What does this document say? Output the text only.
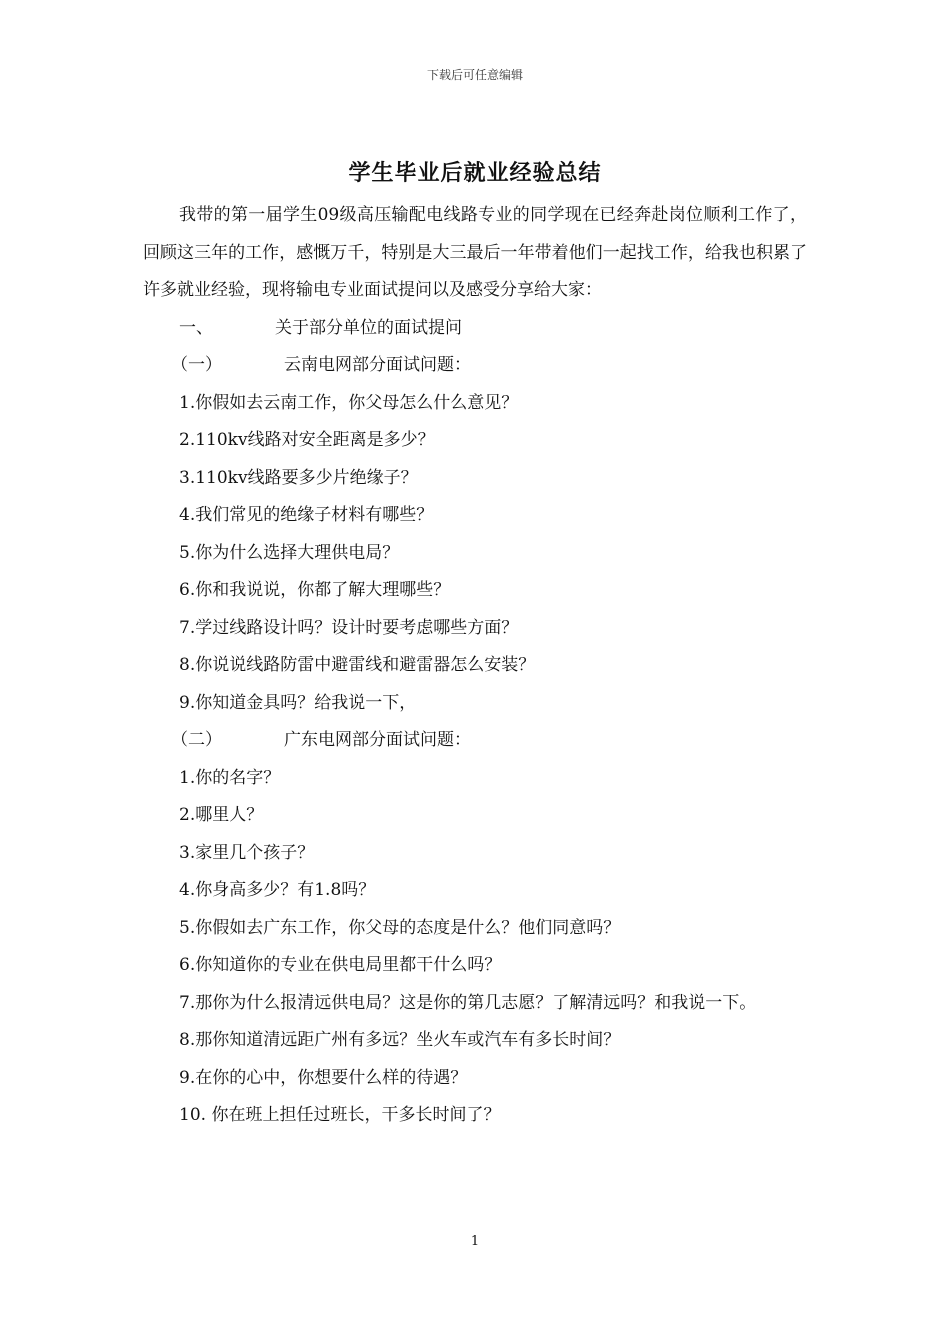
下载后可任意编辑
学生毕业后就业经验总结

我带的第一届学生09级高压输配电线路专业的同学现在已经奔赴岗位顺利工作了，回顾这三年的工作，感慨万千，特别是大三最后一年带着他们一起找工作，给我也积累了许多就业经验，现将输电专业面试提问以及感受分享给大家：

一、	关于部分单位的面试提问

（一）	云南电网部分面试问题：

1.你假如去云南工作，你父母怎么什么意见？

2.110kv线路对安全距离是多少？

3.110kv线路要多少片绝缘子？

4.我们常见的绝缘子材料有哪些？

5.你为什么选择大理供电局？

6.你和我说说，你都了解大理哪些？

7.学过线路设计吗？设计时要考虑哪些方面？

8.你说说线路防雷中避雷线和避雷器怎么安装？

9.你知道金具吗？给我说一下，

（二）	广东电网部分面试问题：

1.你的名字？

2.哪里人？

3.家里几个孩子？

4.你身高多少？有1.8吗？

5.你假如去广东工作，你父母的态度是什么？他们同意吗？

6.你知道你的专业在供电局里都干什么吗？

7.那你为什么报清远供电局？这是你的第几志愿？了解清远吗？和我说一下。

8.那你知道清远距广州有多远？坐火车或汽车有多长时间？

9.在你的心中，你想要什么样的待遇？

10. 你在班上担任过班长，干多长时间了？

1
